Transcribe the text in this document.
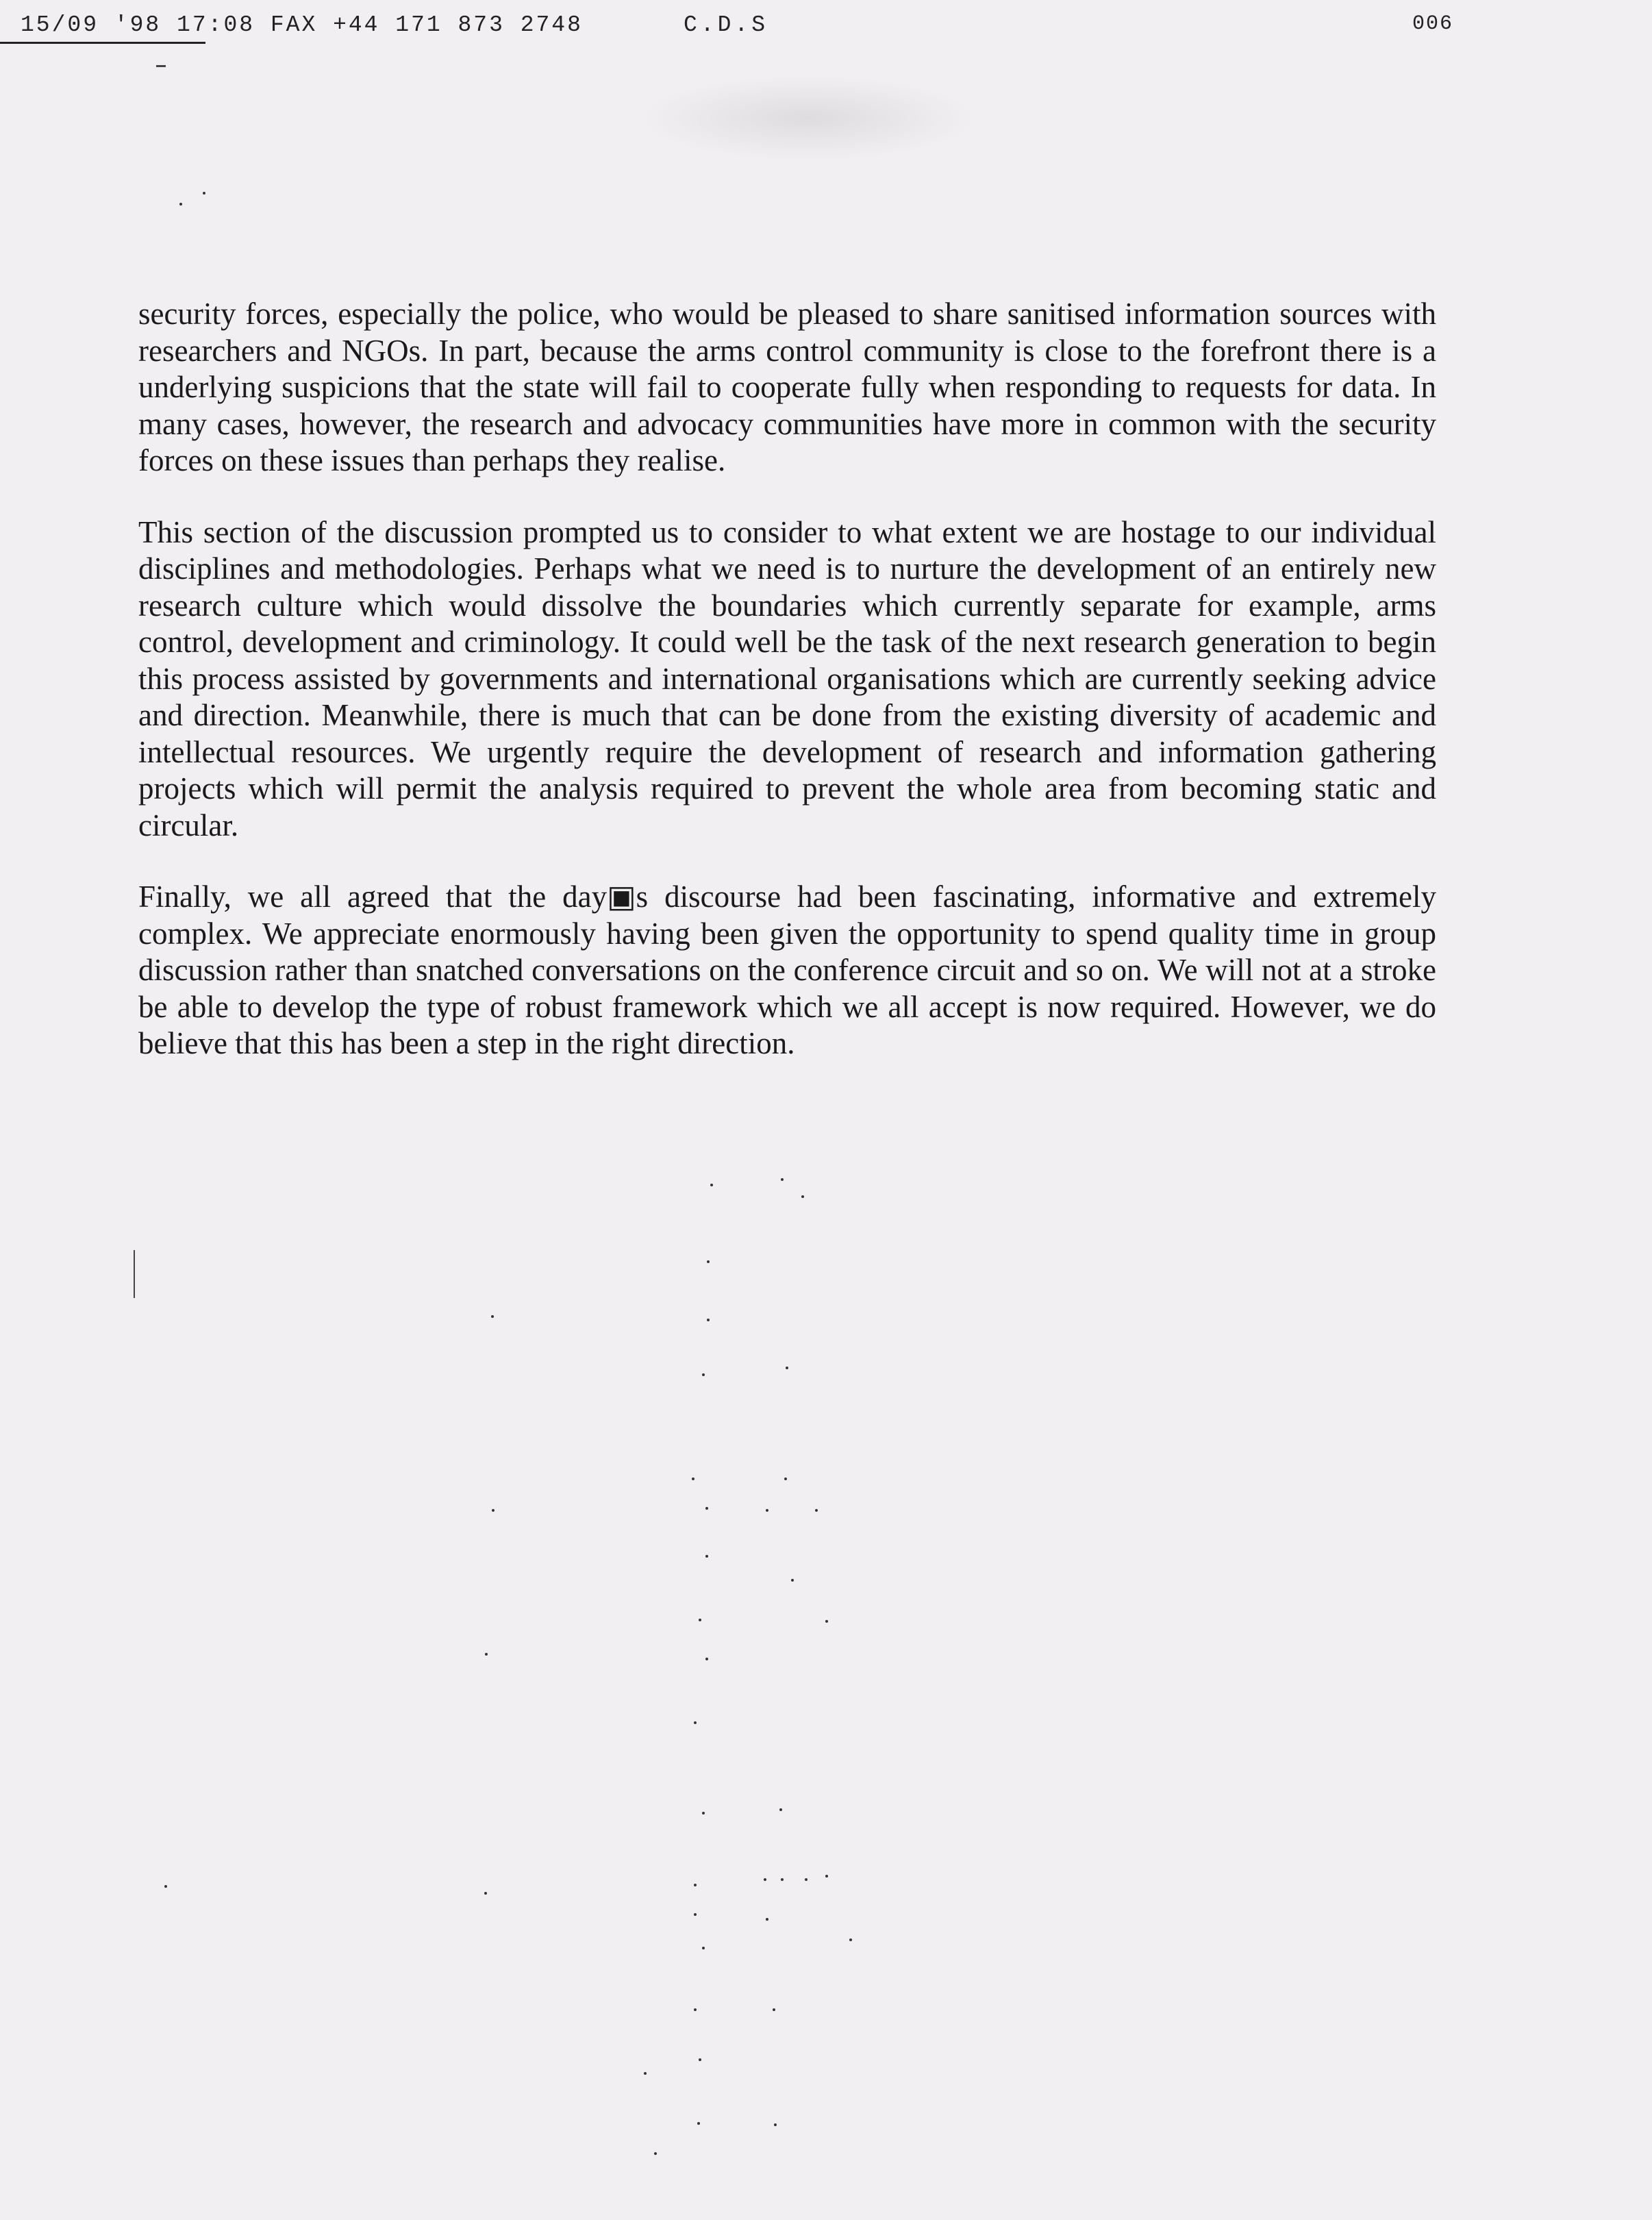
15/09 '98 17:08 FAX +44 171 873 2748	C.D.S	006

security forces, especially the police, who would be pleased to share sanitised information sources with researchers and NGOs. In part, because the arms control community is close to the forefront there is a underlying suspicions that the state will fail to cooperate fully when responding to requests for data. In many cases, however, the research and advocacy communities have more in common with the security forces on these issues than perhaps they realise.

This section of the discussion prompted us to consider to what extent we are hostage to our individual disciplines and methodologies. Perhaps what we need is to nurture the development of an entirely new research culture which would dissolve the boundaries which currently separate for example, arms control, development and criminology. It could well be the task of the next research generation to begin this process assisted by governments and international organisations which are currently seeking advice and direction. Meanwhile, there is much that can be done from the existing diversity of academic and intellectual resources. We urgently require the development of research and information gathering projects which will permit the analysis required to prevent the whole area from becoming static and circular.

Finally, we all agreed that the day▣s discourse had been fascinating, informative and extremely complex. We appreciate enormously having been given the opportunity to spend quality time in group discussion rather than snatched conversations on the conference circuit and so on. We will not at a stroke be able to develop the type of robust framework which we all accept is now required. However, we do believe that this has been a step in the right direction.
